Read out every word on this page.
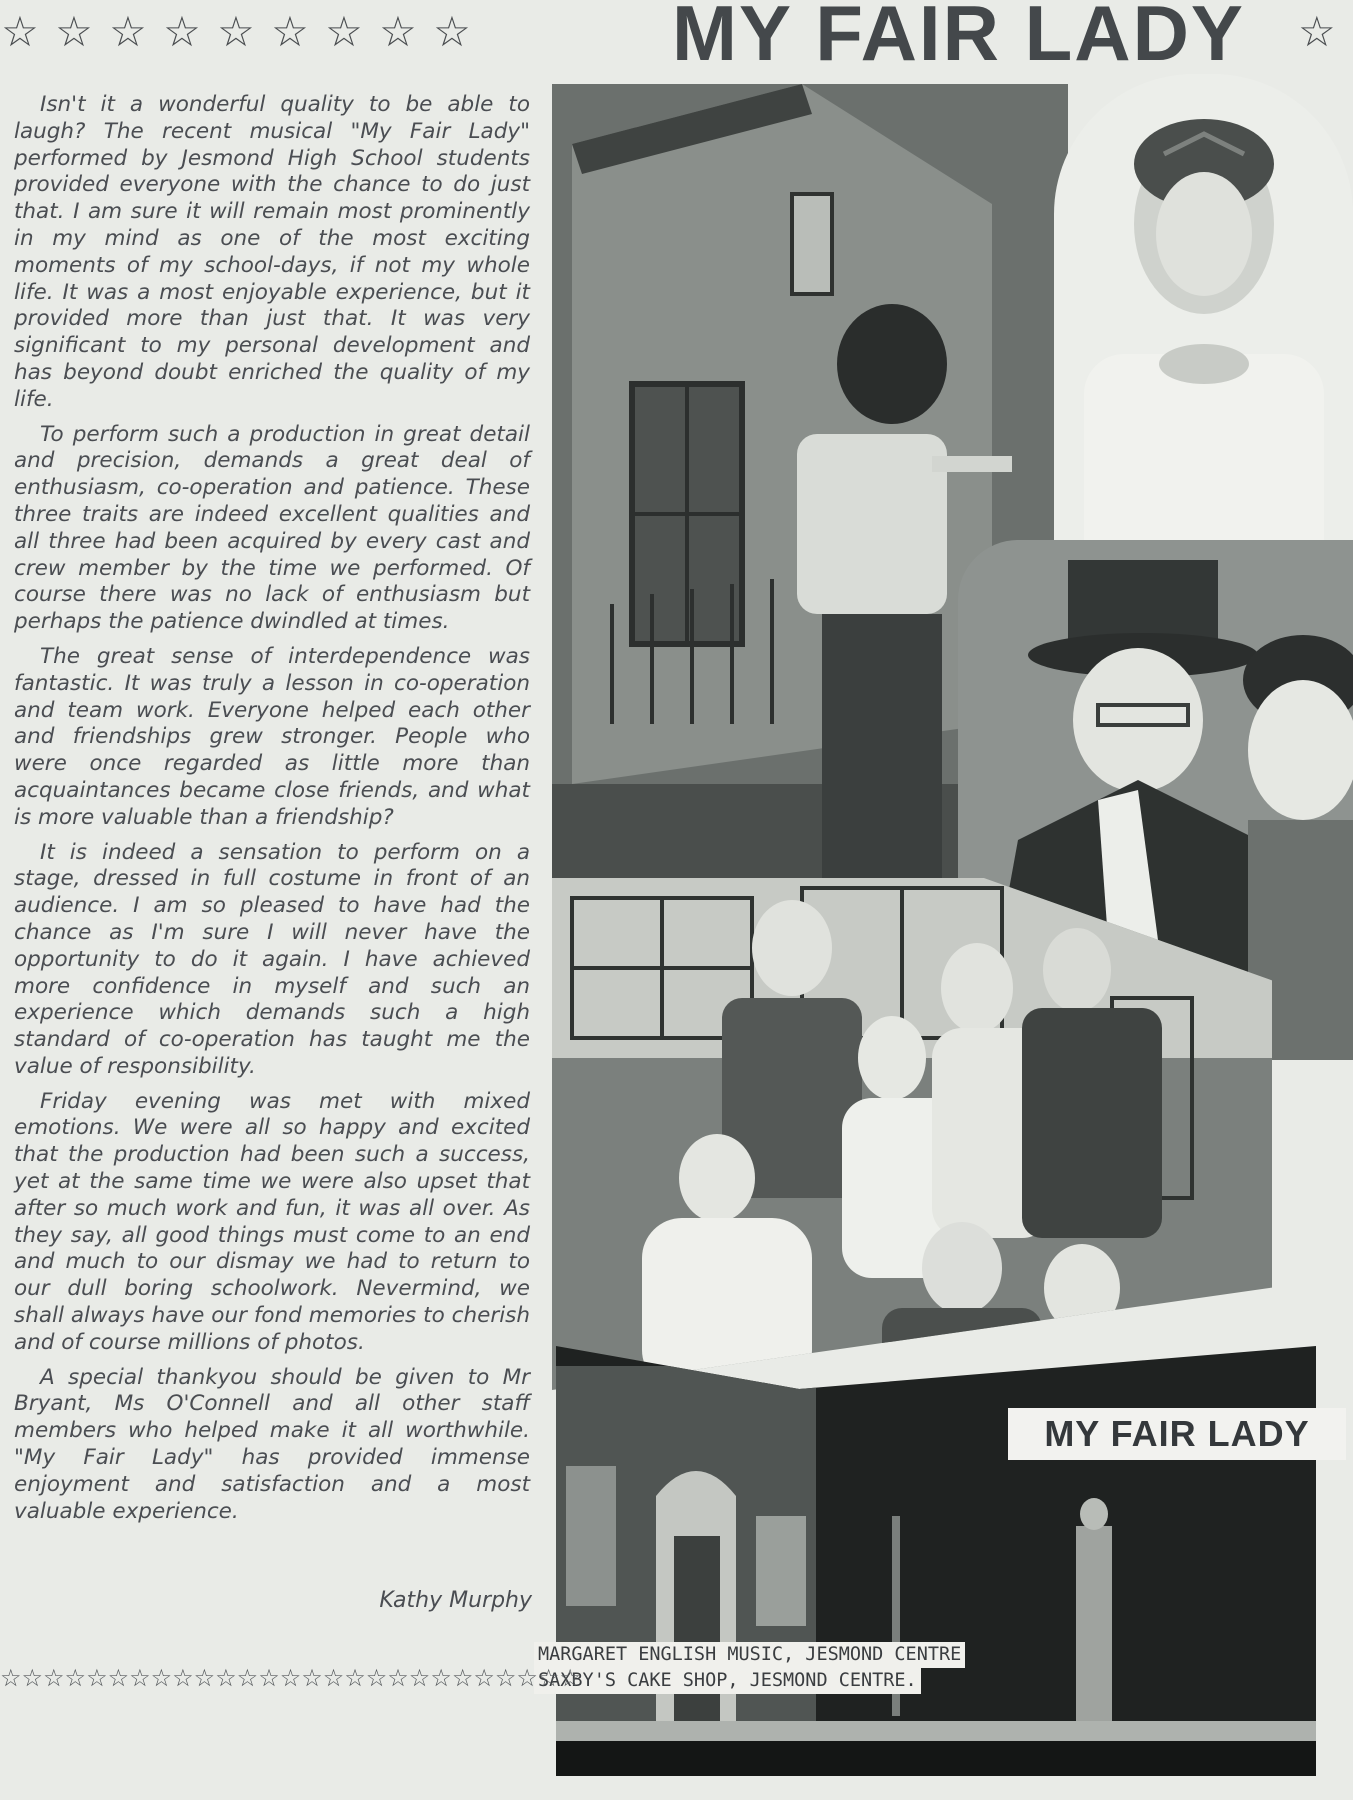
☆☆☆☆☆☆☆☆☆ MY FAIR LADY ☆

Isn't it a wonderful quality to be able to laugh? The recent musical "My Fair Lady" performed by Jesmond High School students provided everyone with the chance to do just that. I am sure it will remain most prominently in my mind as one of the most exciting moments of my school-days, if not my whole life. It was a most enjoyable experience, but it provided more than just that. It was very significant to my personal development and has beyond doubt enriched the quality of my life.

To perform such a production in great detail and precision, demands a great deal of enthusiasm, co-operation and patience. These three traits are indeed excellent qualities and all three had been acquired by every cast and crew member by the time we performed. Of course there was no lack of enthusiasm but perhaps the patience dwindled at times.

The great sense of interdependence was fantastic. It was truly a lesson in co-operation and team work. Everyone helped each other and friendships grew stronger. People who were once regarded as little more than acquaintances became close friends, and what is more valuable than a friendship?

It is indeed a sensation to perform on a stage, dressed in full costume in front of an audience. I am so pleased to have had the chance as I'm sure I will never have the opportunity to do it again. I have achieved more confidence in myself and such an experience which demands such a high standard of co-operation has taught me the value of responsibility.

Friday evening was met with mixed emotions. We were all so happy and excited that the production had been such a success, yet at the same time we were also upset that after so much work and fun, it was all over. As they say, all good things must come to an end and much to our dismay we had to return to our dull boring schoolwork. Nevermind, we shall always have our fond memories to cherish and of course millions of photos.

A special thankyou should be given to Mr Bryant, Ms O'Connell and all other staff members who helped make it all worthwhile. "My Fair Lady" has provided immense enjoyment and satisfaction and a most valuable experience.

Kathy Murphy
MY FAIR LADY
MARGARET ENGLISH MUSIC, JESMOND CENTRE
SAXBY'S CAKE SHOP, JESMOND CENTRE.
☆☆☆☆☆☆☆☆☆☆☆☆☆☆☆☆☆☆☆☆☆☆☆☆☆☆☆
